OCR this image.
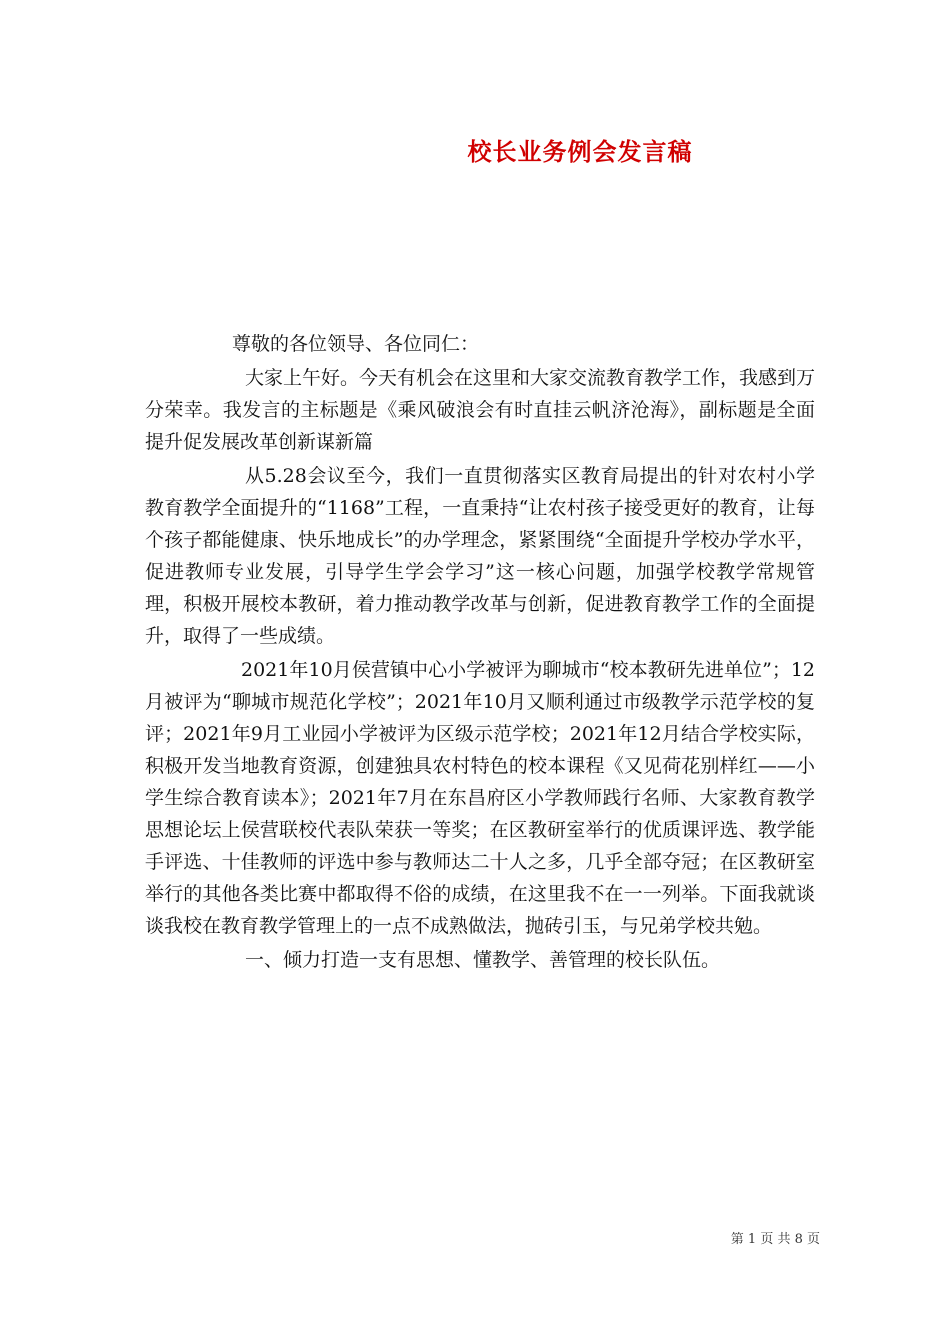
校长业务例会发言稿

尊敬的各位领导、各位同仁：

大家上午好。今天有机会在这里和大家交流教育教学工作，我感到万分荣幸。我发言的主标题是《乘风破浪会有时直挂云帆济沧海》，副标题是全面提升促发展改革创新谋新篇

从5.28会议至今，我们一直贯彻落实区教育局提出的针对农村小学教育教学全面提升的“1168”工程，一直秉持“让农村孩子接受更好的教育，让每个孩子都能健康、快乐地成长”的办学理念，紧紧围绕“全面提升学校办学水平，促进教师专业发展，引导学生学会学习”这一核心问题，加强学校教学常规管理，积极开展校本教研，着力推动教学改革与创新，促进教育教学工作的全面提升，取得了一些成绩。

2021年10月侯营镇中心小学被评为聊城市“校本教研先进单位”；12月被评为“聊城市规范化学校”；2021年10月又顺利通过市级教学示范学校的复评；2021年9月工业园小学被评为区级示范学校；2021年12月结合学校实际，积极开发当地教育资源，创建独具农村特色的校本课程《又见荷花别样红——小学生综合教育读本》；2021年7月在东昌府区小学教师践行名师、大家教育教学思想论坛上侯营联校代表队荣获一等奖；在区教研室举行的优质课评选、教学能手评选、十佳教师的评选中参与教师达二十人之多，几乎全部夺冠；在区教研室举行的其他各类比赛中都取得不俗的成绩，在这里我不在一一列举。下面我就谈谈我校在教育教学管理上的一点不成熟做法，抛砖引玉，与兄弟学校共勉。

一、倾力打造一支有思想、懂教学、善管理的校长队伍。

第 1 页 共 8 页
